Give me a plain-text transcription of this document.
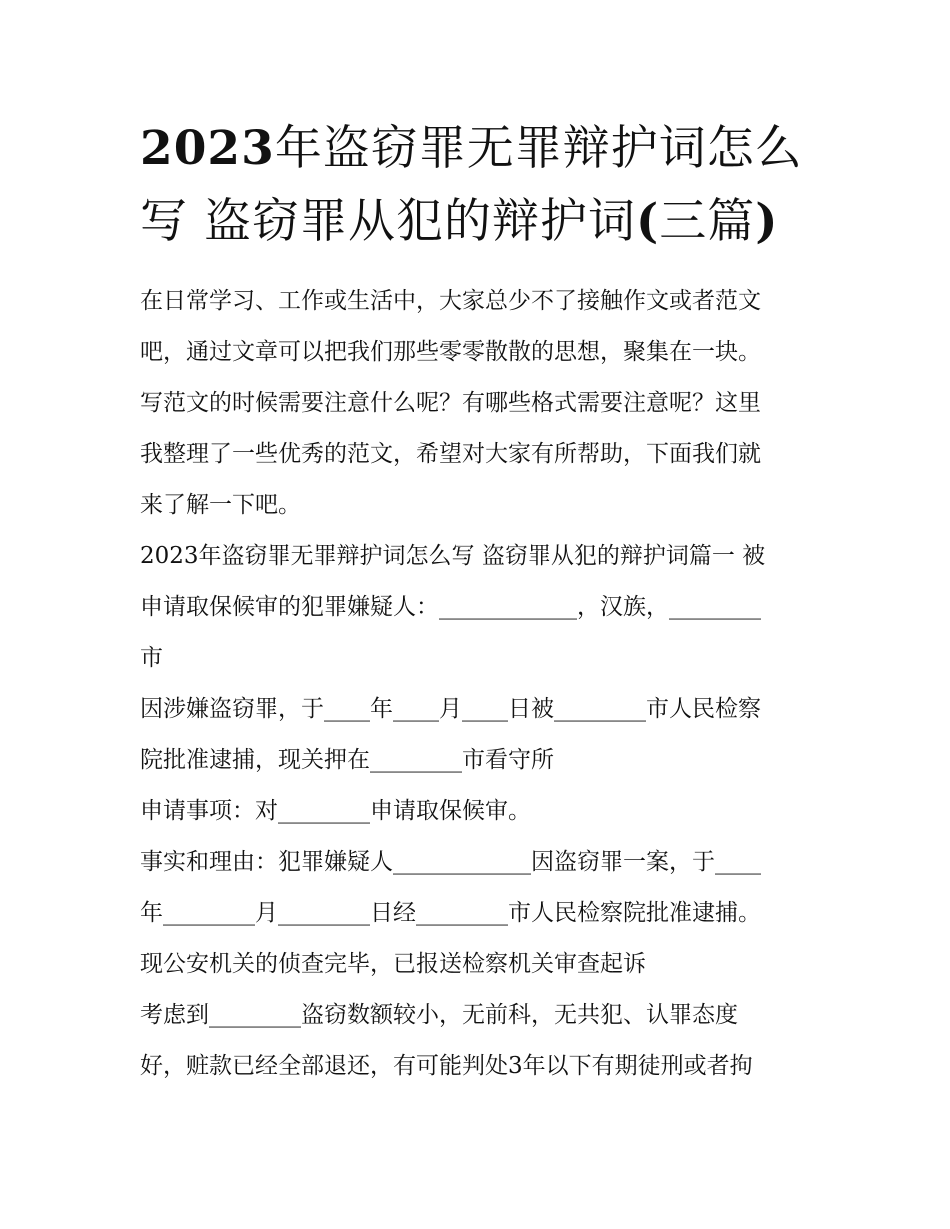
2023年盗窃罪无罪辩护词怎么
写 盗窃罪从犯的辩护词(三篇)
在日常学习、工作或生活中，大家总少不了接触作文或者范文
吧，通过文章可以把我们那些零零散散的思想，聚集在一块。
写范文的时候需要注意什么呢？有哪些格式需要注意呢？这里
我整理了一些优秀的范文，希望对大家有所帮助，下面我们就
来了解一下吧。
2023年盗窃罪无罪辩护词怎么写 盗窃罪从犯的辩护词篇一 被
申请取保候审的犯罪嫌疑人：____________，汉族，________
市
因涉嫌盗窃罪，于____年____月____日被________市人民检察
院批准逮捕，现关押在________市看守所
申请事项：对________申请取保候审。
事实和理由：犯罪嫌疑人____________因盗窃罪一案，于____
年________月________日经________市人民检察院批准逮捕。
现公安机关的侦查完毕，已报送检察机关审查起诉
考虑到________盗窃数额较小，无前科，无共犯、认罪态度
好，赃款已经全部退还，有可能判处3年以下有期徒刑或者拘
